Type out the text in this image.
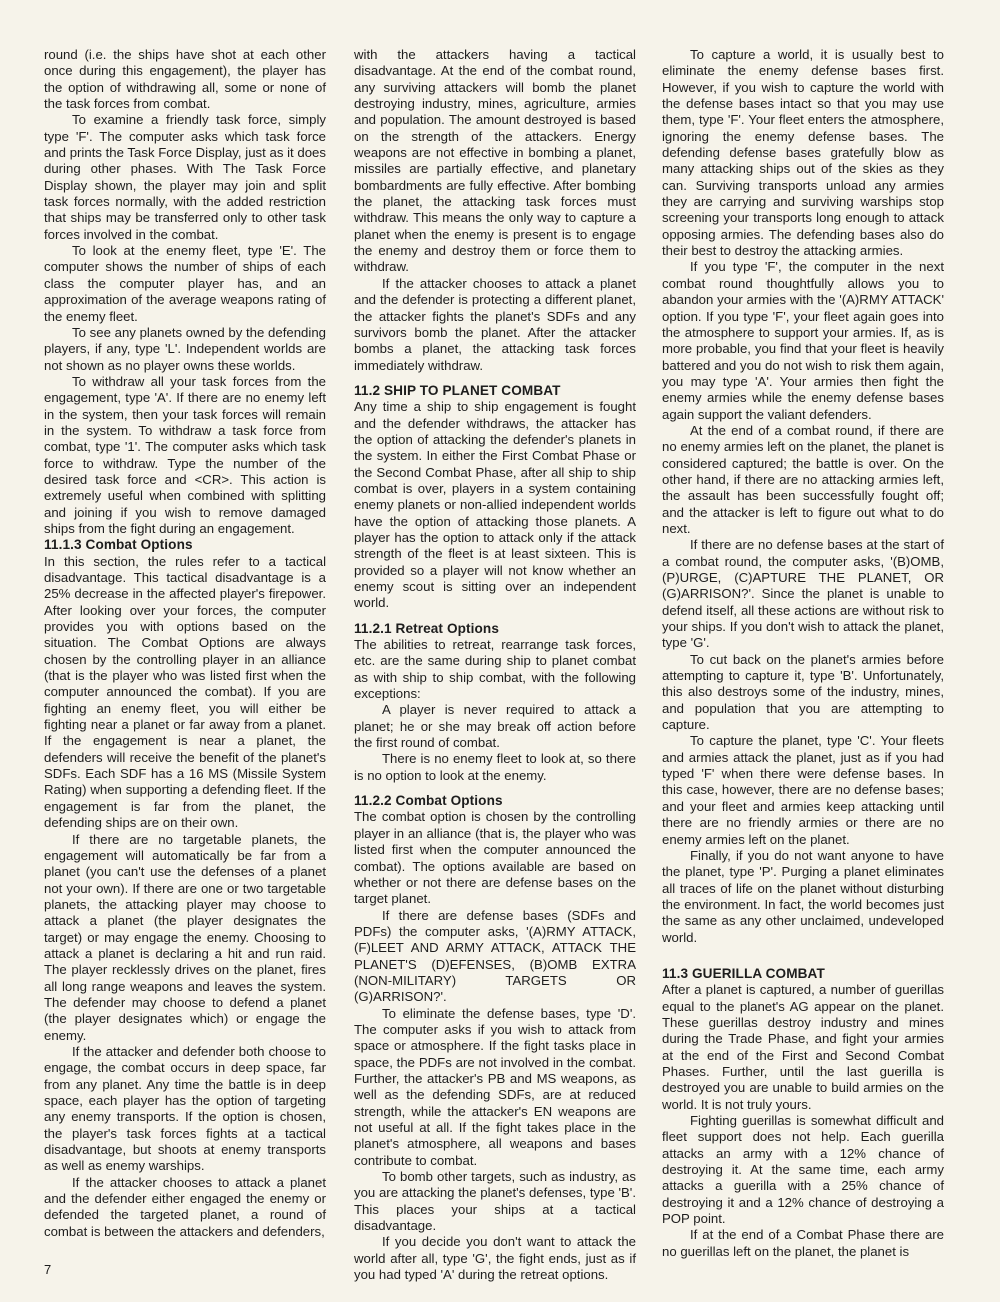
round (i.e. the ships have shot at each other once during this engagement), the player has the option of withdrawing all, some or none of the task forces from combat.

To examine a friendly task force, simply type 'F'. The computer asks which task force and prints the Task Force Display, just as it does during other phases. With The Task Force Display shown, the player may join and split task forces normally, with the added restriction that ships may be transferred only to other task forces involved in the combat.

To look at the enemy fleet, type 'E'. The computer shows the number of ships of each class the computer player has, and an approximation of the average weapons rating of the enemy fleet.

To see any planets owned by the defending players, if any, type 'L'. Independent worlds are not shown as no player owns these worlds.

To withdraw all your task forces from the engagement, type 'A'. If there are no enemy left in the system, then your task forces will remain in the system. To withdraw a task force from combat, type '1'. The computer asks which task force to withdraw. Type the number of the desired task force and <CR>. This action is extremely useful when combined with splitting and joining if you wish to remove damaged ships from the fight during an engagement.

11.1.3 Combat Options

In this section, the rules refer to a tactical disadvantage. This tactical disadvantage is a 25% decrease in the affected player's firepower. After looking over your forces, the computer provides you with options based on the situation. The Combat Options are always chosen by the controlling player in an alliance (that is the player who was listed first when the computer announced the combat). If you are fighting an enemy fleet, you will either be fighting near a planet or far away from a planet. If the engagement is near a planet, the defenders will receive the benefit of the planet's SDFs. Each SDF has a 16 MS (Missile System Rating) when supporting a defending fleet. If the engagement is far from the planet, the defending ships are on their own.

If there are no targetable planets, the engagement will automatically be far from a planet (you can't use the defenses of a planet not your own). If there are one or two targetable planets, the attacking player may choose to attack a planet (the player designates the target) or may engage the enemy. Choosing to attack a planet is declaring a hit and run raid. The player recklessly drives on the planet, fires all long range weapons and leaves the system. The defender may choose to defend a planet (the player designates which) or engage the enemy.

If the attacker and defender both choose to engage, the combat occurs in deep space, far from any planet. Any time the battle is in deep space, each player has the option of targeting any enemy transports. If the option is chosen, the player's task forces fights at a tactical disadvantage, but shoots at enemy transports as well as enemy warships.

If the attacker chooses to attack a planet and the defender either engaged the enemy or defended the targeted planet, a round of combat is between the attackers and defenders,

with the attackers having a tactical disadvantage. At the end of the combat round, any surviving attackers will bomb the planet destroying industry, mines, agriculture, armies and population. The amount destroyed is based on the strength of the attackers. Energy weapons are not effective in bombing a planet, missiles are partially effective, and planetary bombardments are fully effective. After bombing the planet, the attacking task forces must withdraw. This means the only way to capture a planet when the enemy is present is to engage the enemy and destroy them or force them to withdraw.

If the attacker chooses to attack a planet and the defender is protecting a different planet, the attacker fights the planet's SDFs and any survivors bomb the planet. After the attacker bombs a planet, the attacking task forces immediately withdraw.

11.2 SHIP TO PLANET COMBAT

Any time a ship to ship engagement is fought and the defender withdraws, the attacker has the option of attacking the defender's planets in the system. In either the First Combat Phase or the Second Combat Phase, after all ship to ship combat is over, players in a system containing enemy planets or non-allied independent worlds have the option of attacking those planets. A player has the option to attack only if the attack strength of the fleet is at least sixteen. This is provided so a player will not know whether an enemy scout is sitting over an independent world.

11.2.1 Retreat Options

The abilities to retreat, rearrange task forces, etc. are the same during ship to planet combat as with ship to ship combat, with the following exceptions:

A player is never required to attack a planet; he or she may break off action before the first round of combat.

There is no enemy fleet to look at, so there is no option to look at the enemy.

11.2.2 Combat Options

The combat option is chosen by the controlling player in an alliance (that is, the player who was listed first when the computer announced the combat). The options available are based on whether or not there are defense bases on the target planet.

If there are defense bases (SDFs and PDFs) the computer asks, '(A)RMY ATTACK, (F)LEET AND ARMY ATTACK, ATTACK THE PLANET'S (D)EFENSES, (B)OMB EXTRA (NON-MILITARY) TARGETS OR (G)ARRISON?'.

To eliminate the defense bases, type 'D'. The computer asks if you wish to attack from space or atmosphere. If the fight tasks place in space, the PDFs are not involved in the combat. Further, the attacker's PB and MS weapons, as well as the defending SDFs, are at reduced strength, while the attacker's EN weapons are not useful at all. If the fight takes place in the planet's atmosphere, all weapons and bases contribute to combat.

To bomb other targets, such as industry, as you are attacking the planet's defenses, type 'B'. This places your ships at a tactical disadvantage.

If you decide you don't want to attack the world after all, type 'G', the fight ends, just as if you had typed 'A' during the retreat options.

To capture a world, it is usually best to eliminate the enemy defense bases first. However, if you wish to capture the world with the defense bases intact so that you may use them, type 'F'. Your fleet enters the atmosphere, ignoring the enemy defense bases. The defending defense bases gratefully blow as many attacking ships out of the skies as they can. Surviving transports unload any armies they are carrying and surviving warships stop screening your transports long enough to attack opposing armies. The defending bases also do their best to destroy the attacking armies.

If you type 'F', the computer in the next combat round thoughtfully allows you to abandon your armies with the '(A)RMY ATTACK' option. If you type 'F', your fleet again goes into the atmosphere to support your armies. If, as is more probable, you find that your fleet is heavily battered and you do not wish to risk them again, you may type 'A'. Your armies then fight the enemy armies while the enemy defense bases again support the valiant defenders.

At the end of a combat round, if there are no enemy armies left on the planet, the planet is considered captured; the battle is over. On the other hand, if there are no attacking armies left, the assault has been successfully fought off; and the attacker is left to figure out what to do next.

If there are no defense bases at the start of a combat round, the computer asks, '(B)OMB, (P)URGE, (C)APTURE THE PLANET, OR (G)ARRISON?'. Since the planet is unable to defend itself, all these actions are without risk to your ships. If you don't wish to attack the planet, type 'G'.

To cut back on the planet's armies before attempting to capture it, type 'B'. Unfortunately, this also destroys some of the industry, mines, and population that you are attempting to capture.

To capture the planet, type 'C'. Your fleets and armies attack the planet, just as if you had typed 'F' when there were defense bases. In this case, however, there are no defense bases; and your fleet and armies keep attacking until there are no friendly armies or there are no enemy armies left on the planet.

Finally, if you do not want anyone to have the planet, type 'P'. Purging a planet eliminates all traces of life on the planet without disturbing the environment. In fact, the world becomes just the same as any other unclaimed, undeveloped world.

11.3 GUERILLA COMBAT

After a planet is captured, a number of guerillas equal to the planet's AG appear on the planet. These guerillas destroy industry and mines during the Trade Phase, and fight your armies at the end of the First and Second Combat Phases. Further, until the last guerilla is destroyed you are unable to build armies on the world. It is not truly yours.

Fighting guerillas is somewhat difficult and fleet support does not help. Each guerilla attacks an army with a 12% chance of destroying it. At the same time, each army attacks a guerilla with a 25% chance of destroying it and a 12% chance of destroying a POP point.

If at the end of a Combat Phase there are no guerillas left on the planet, the planet is

7
